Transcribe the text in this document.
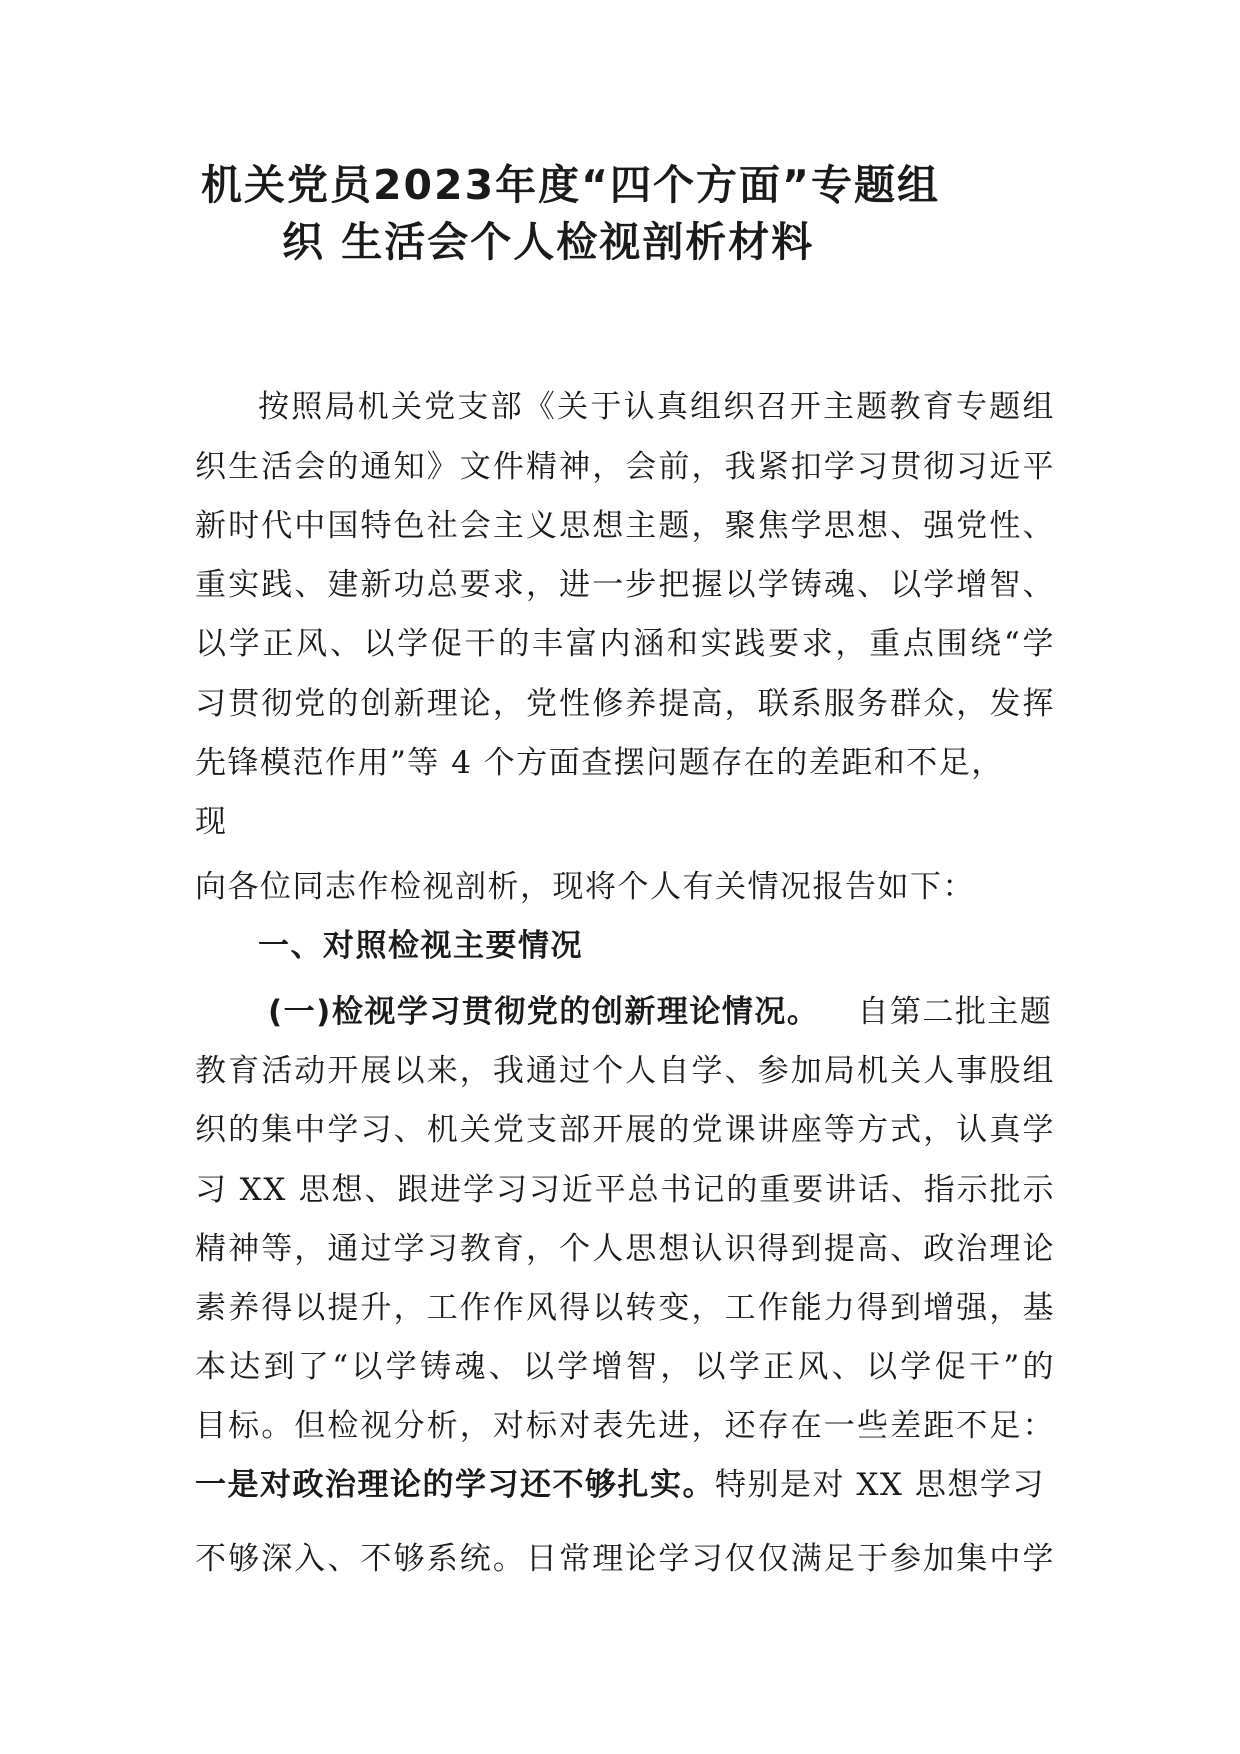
机关党员2023年度“四个方面”专题组
织 生活会个人检视剖析材料
按照局机关党支部《关于认真组织召开主题教育专题组
织生活会的通知》文件精神，会前，我紧扣学习贯彻习近平
新时代中国特色社会主义思想主题，聚焦学思想、强党性、
重实践、建新功总要求，进一步把握以学铸魂、以学增智、
以学正风、以学促干的丰富内涵和实践要求，重点围绕“学
习贯彻党的创新理论，党性修养提高，联系服务群众，发挥
先锋模范作用”等 4 个方面查摆问题存在的差距和不足，
现
向各位同志作检视剖析，现将个人有关情况报告如下：
一、对照检视主要情况
(一)检视学习贯彻党的创新理论情况。 自第二批主题
教育活动开展以来，我通过个人自学、参加局机关人事股组
织的集中学习、机关党支部开展的党课讲座等方式，认真学
习 XX 思想、跟进学习习近平总书记的重要讲话、指示批示
精神等，通过学习教育，个人思想认识得到提高、政治理论
素养得以提升，工作作风得以转变，工作能力得到增强，基
本达到了“以学铸魂、以学增智，以学正风、以学促干”的
目标。但检视分析，对标对表先进，还存在一些差距不足：
一是对政治理论的学习还不够扎实。特别是对 XX 思想学习
不够深入、不够系统。日常理论学习仅仅满足于参加集中学
